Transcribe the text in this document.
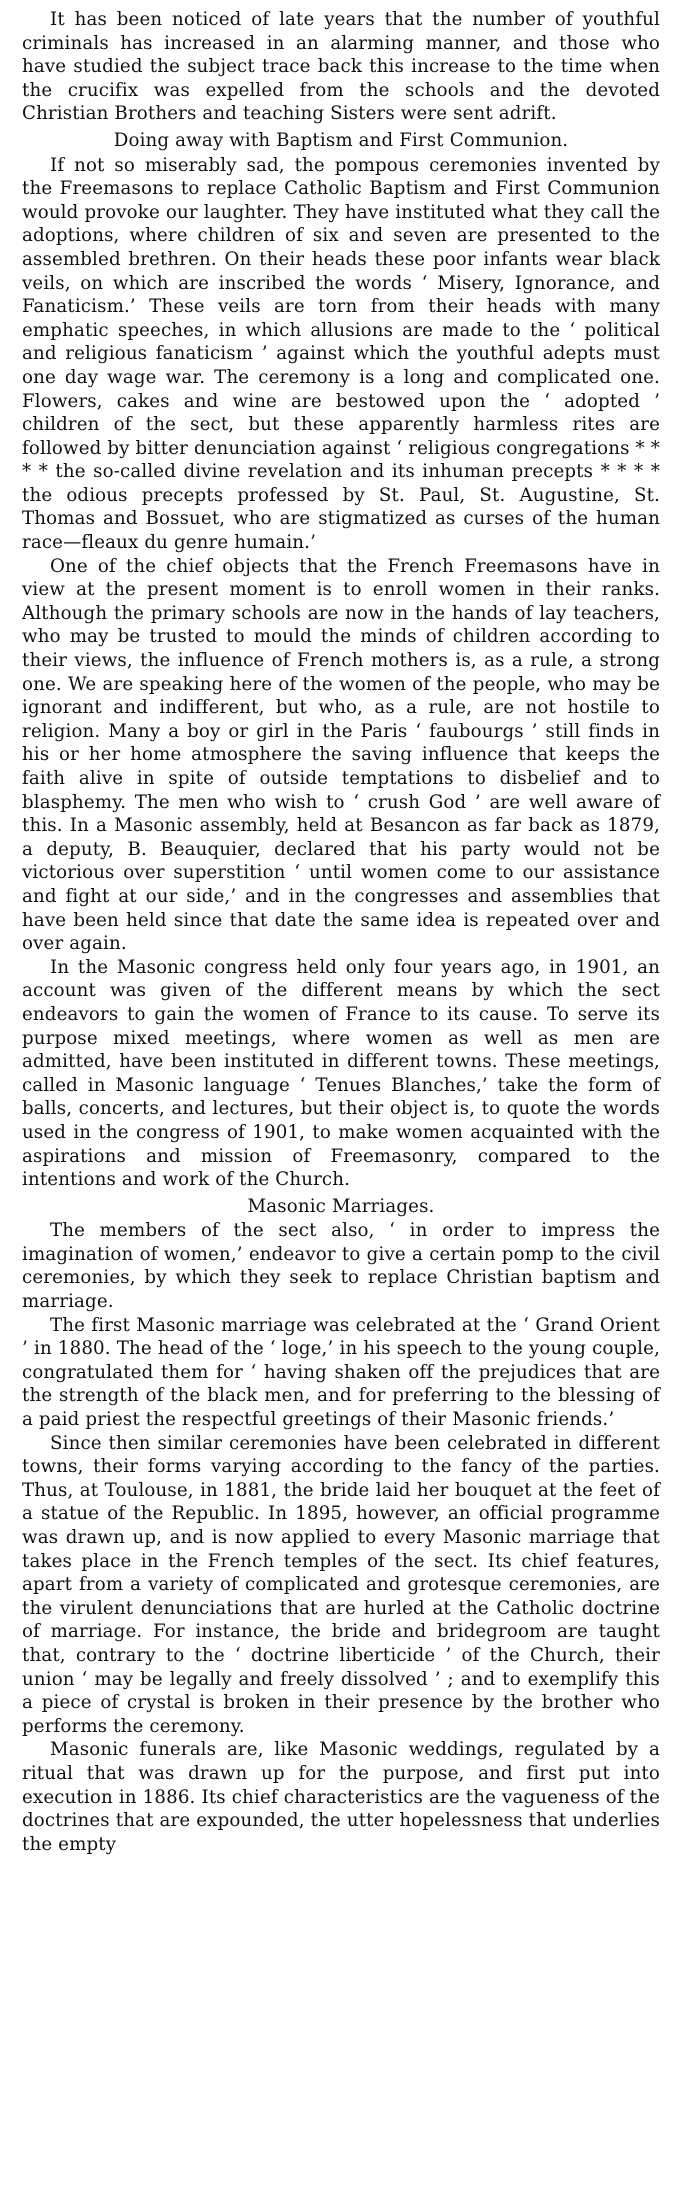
It has been noticed of late years that the number of youthful criminals has increased in an alarming manner, and those who have studied the subject trace back this increase to the time when the crucifix was expelled from the schools and the devoted Christian Brothers and teaching Sisters were sent adrift.

Doing away with Baptism and First Communion.

If not so miserably sad, the pompous ceremonies invented by the Freemasons to replace Catholic Baptism and First Communion would provoke our laughter. They have instituted what they call the adoptions, where children of six and seven are presented to the assembled brethren. On their heads these poor infants wear black veils, on which are inscribed the words ‘ Misery, Ignorance, and Fanaticism.’ These veils are torn from their heads with many emphatic speeches, in which allusions are made to the ‘ political and religious fanaticism ’ against which the youthful adepts must one day wage war. The ceremony is a long and complicated one. Flowers, cakes and wine are bestowed upon the ‘ adopted ’ children of the sect, but these apparently harmless rites are followed by bitter denunciation against ‘ religious congregations * * * * the so-called divine revelation and its inhuman precepts * * * * the odious precepts professed by St. Paul, St. Augustine, St. Thomas and Bossuet, who are stigmatized as curses of the human race—fleaux du genre humain.’

One of the chief objects that the French Freemasons have in view at the present moment is to enroll women in their ranks. Although the primary schools are now in the hands of lay teachers, who may be trusted to mould the minds of children according to their views, the influence of French mothers is, as a rule, a strong one. We are speaking here of the women of the people, who may be ignorant and indifferent, but who, as a rule, are not hostile to religion. Many a boy or girl in the Paris ‘ faubourgs ’ still finds in his or her home atmosphere the saving influence that keeps the faith alive in spite of outside temptations to disbelief and to blasphemy. The men who wish to ‘ crush God ’ are well aware of this. In a Masonic assembly, held at Besancon as far back as 1879, a deputy, B. Beauquier, declared that his party would not be victorious over superstition ‘ until women come to our assistance and fight at our side,’ and in the congresses and assemblies that have been held since that date the same idea is repeated over and over again.

In the Masonic congress held only four years ago, in 1901, an account was given of the different means by which the sect endeavors to gain the women of France to its cause. To serve its purpose mixed meetings, where women as well as men are admitted, have been instituted in different towns. These meetings, called in Masonic language ‘ Tenues Blanches,’ take the form of balls, concerts, and lectures, but their object is, to quote the words used in the congress of 1901, to make women acquainted with the aspirations and mission of Freemasonry, compared to the intentions and work of the Church.

Masonic Marriages.

The members of the sect also, ‘ in order to impress the imagination of women,’ endeavor to give a certain pomp to the civil ceremonies, by which they seek to replace Christian baptism and marriage.

The first Masonic marriage was celebrated at the ‘ Grand Orient ’ in 1880. The head of the ‘ loge,’ in his speech to the young couple, congratulated them for ‘ having shaken off the prejudices that are the strength of the black men, and for preferring to the blessing of a paid priest the respectful greetings of their Masonic friends.’

Since then similar ceremonies have been celebrated in different towns, their forms varying according to the fancy of the parties. Thus, at Toulouse, in 1881, the bride laid her bouquet at the feet of a statue of the Republic. In 1895, however, an official programme was drawn up, and is now applied to every Masonic marriage that takes place in the French temples of the sect. Its chief features, apart from a variety of complicated and grotesque ceremonies, are the virulent denunciations that are hurled at the Catholic doctrine of marriage. For instance, the bride and bridegroom are taught that, contrary to the ‘ doctrine liberticide ’ of the Church, their union ‘ may be legally and freely dissolved ’ ; and to exemplify this a piece of crystal is broken in their presence by the brother who performs the ceremony.

Masonic funerals are, like Masonic weddings, regulated by a ritual that was drawn up for the purpose, and first put into execution in 1886. Its chief characteristics are the vagueness of the doctrines that are expounded, the utter hopelessness that underlies the empty
